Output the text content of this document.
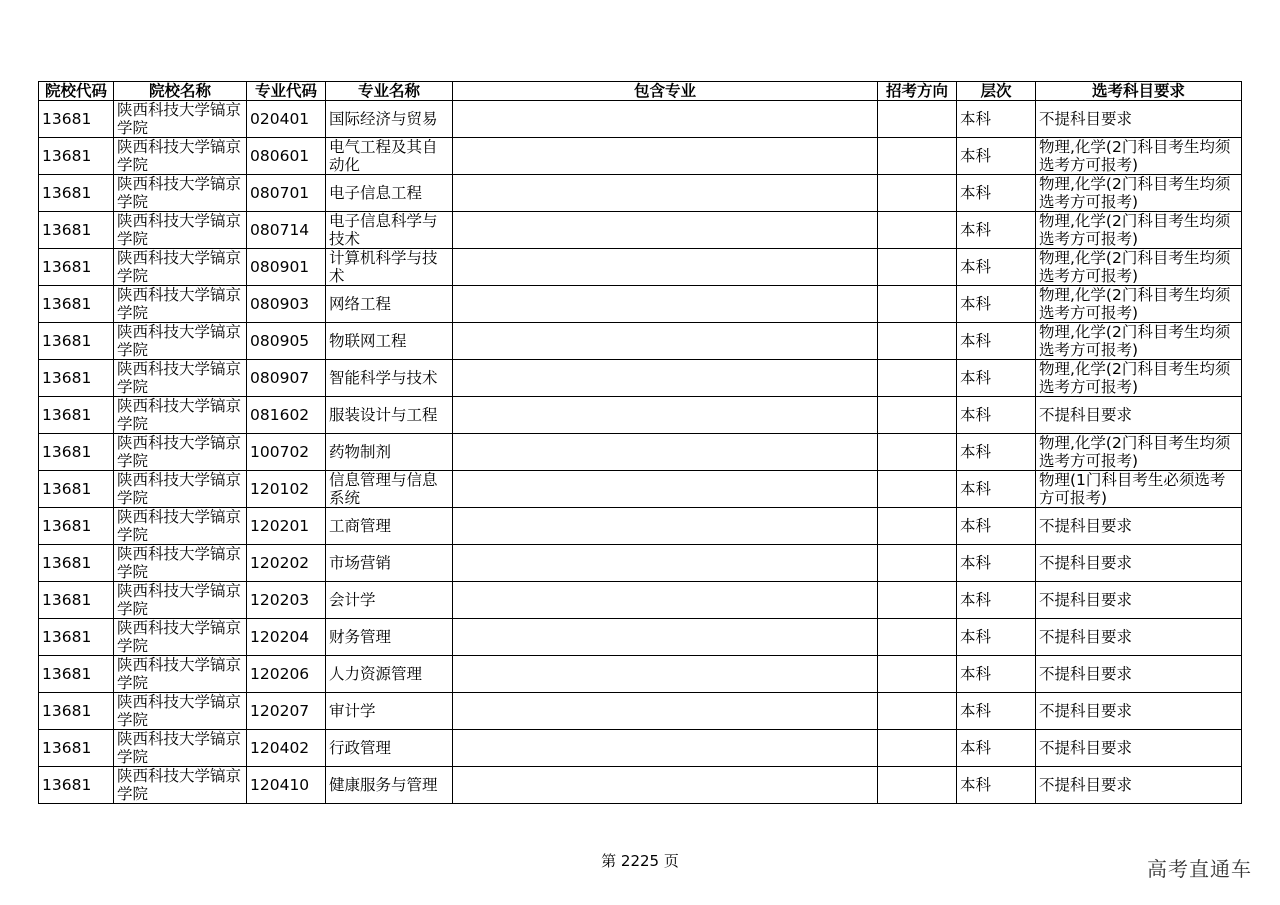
院校代码	院校名称	专业代码	专业名称	包含专业	招考方向	层次	选考科目要求
13681	陕西科技大学镐京学院	020401	国际经济与贸易			本科	不提科目要求
13681	陕西科技大学镐京学院	080601	电气工程及其自动化			本科	物理,化学(2门科目考生均须选考方可报考)
13681	陕西科技大学镐京学院	080701	电子信息工程			本科	物理,化学(2门科目考生均须选考方可报考)
13681	陕西科技大学镐京学院	080714	电子信息科学与技术			本科	物理,化学(2门科目考生均须选考方可报考)
13681	陕西科技大学镐京学院	080901	计算机科学与技术			本科	物理,化学(2门科目考生均须选考方可报考)
13681	陕西科技大学镐京学院	080903	网络工程			本科	物理,化学(2门科目考生均须选考方可报考)
13681	陕西科技大学镐京学院	080905	物联网工程			本科	物理,化学(2门科目考生均须选考方可报考)
13681	陕西科技大学镐京学院	080907	智能科学与技术			本科	物理,化学(2门科目考生均须选考方可报考)
13681	陕西科技大学镐京学院	081602	服装设计与工程			本科	不提科目要求
13681	陕西科技大学镐京学院	100702	药物制剂			本科	物理,化学(2门科目考生均须选考方可报考)
13681	陕西科技大学镐京学院	120102	信息管理与信息系统			本科	物理(1门科目考生必须选考方可报考)
13681	陕西科技大学镐京学院	120201	工商管理			本科	不提科目要求
13681	陕西科技大学镐京学院	120202	市场营销			本科	不提科目要求
13681	陕西科技大学镐京学院	120203	会计学			本科	不提科目要求
13681	陕西科技大学镐京学院	120204	财务管理			本科	不提科目要求
13681	陕西科技大学镐京学院	120206	人力资源管理			本科	不提科目要求
13681	陕西科技大学镐京学院	120207	审计学			本科	不提科目要求
13681	陕西科技大学镐京学院	120402	行政管理			本科	不提科目要求
13681	陕西科技大学镐京学院	120410	健康服务与管理			本科	不提科目要求
第 2225 页	高考直通车
